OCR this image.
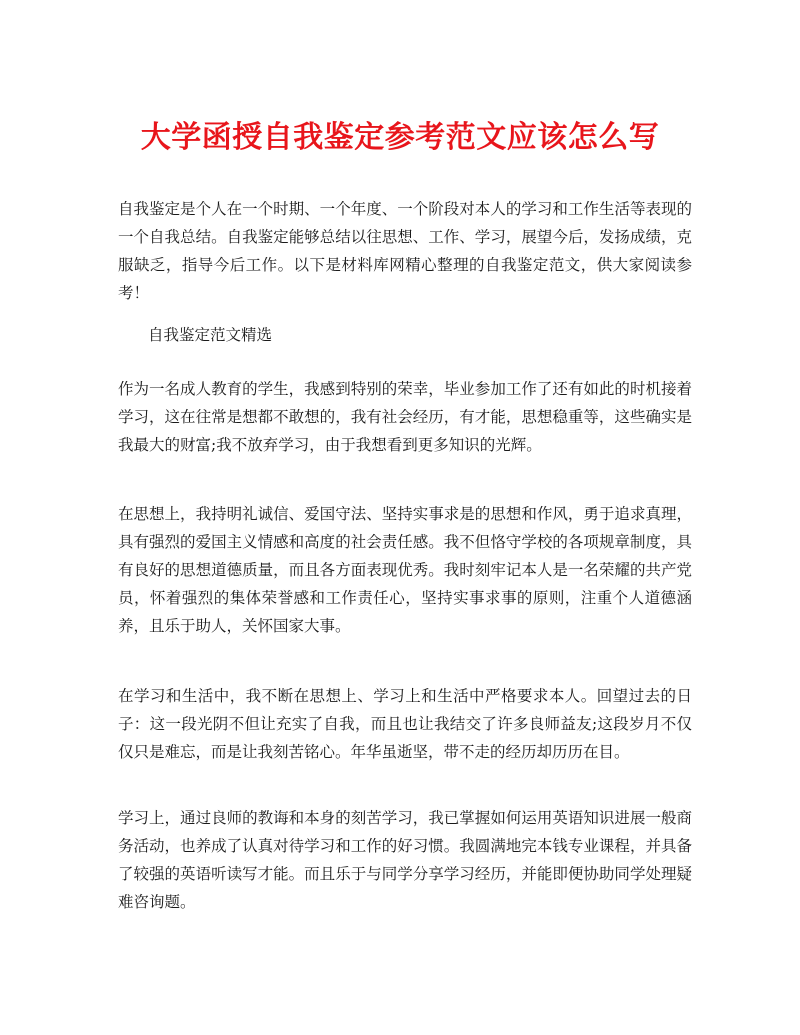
大学函授自我鉴定参考范文应该怎么写

自我鉴定是个人在一个时期、一个年度、一个阶段对本人的学习和工作生活等表现的一个自我总结。自我鉴定能够总结以往思想、工作、学习，展望今后，发扬成绩，克服缺乏，指导今后工作。以下是材料库网精心整理的自我鉴定范文，供大家阅读参考！

自我鉴定范文精选

作为一名成人教育的学生，我感到特别的荣幸，毕业参加工作了还有如此的时机接着学习，这在往常是想都不敢想的，我有社会经历，有才能，思想稳重等，这些确实是我最大的财富;我不放弃学习，由于我想看到更多知识的光辉。

在思想上，我持明礼诚信、爱国守法、坚持实事求是的思想和作风，勇于追求真理，具有强烈的爱国主义情感和高度的社会责任感。我不但恪守学校的各项规章制度，具有良好的思想道德质量，而且各方面表现优秀。我时刻牢记本人是一名荣耀的共产党员，怀着强烈的集体荣誉感和工作责任心，坚持实事求事的原则，注重个人道德涵养，且乐于助人，关怀国家大事。

在学习和生活中，我不断在思想上、学习上和生活中严格要求本人。回望过去的日子：这一段光阴不但让充实了自我，而且也让我结交了许多良师益友;这段岁月不仅仅只是难忘，而是让我刻苦铭心。年华虽逝坚，带不走的经历却历历在目。

学习上，通过良师的教诲和本身的刻苦学习，我已掌握如何运用英语知识进展一般商务活动，也养成了认真对待学习和工作的好习惯。我圆满地完本钱专业课程，并具备了较强的英语听读写才能。而且乐于与同学分享学习经历，并能即便协助同学处理疑难咨询题。
